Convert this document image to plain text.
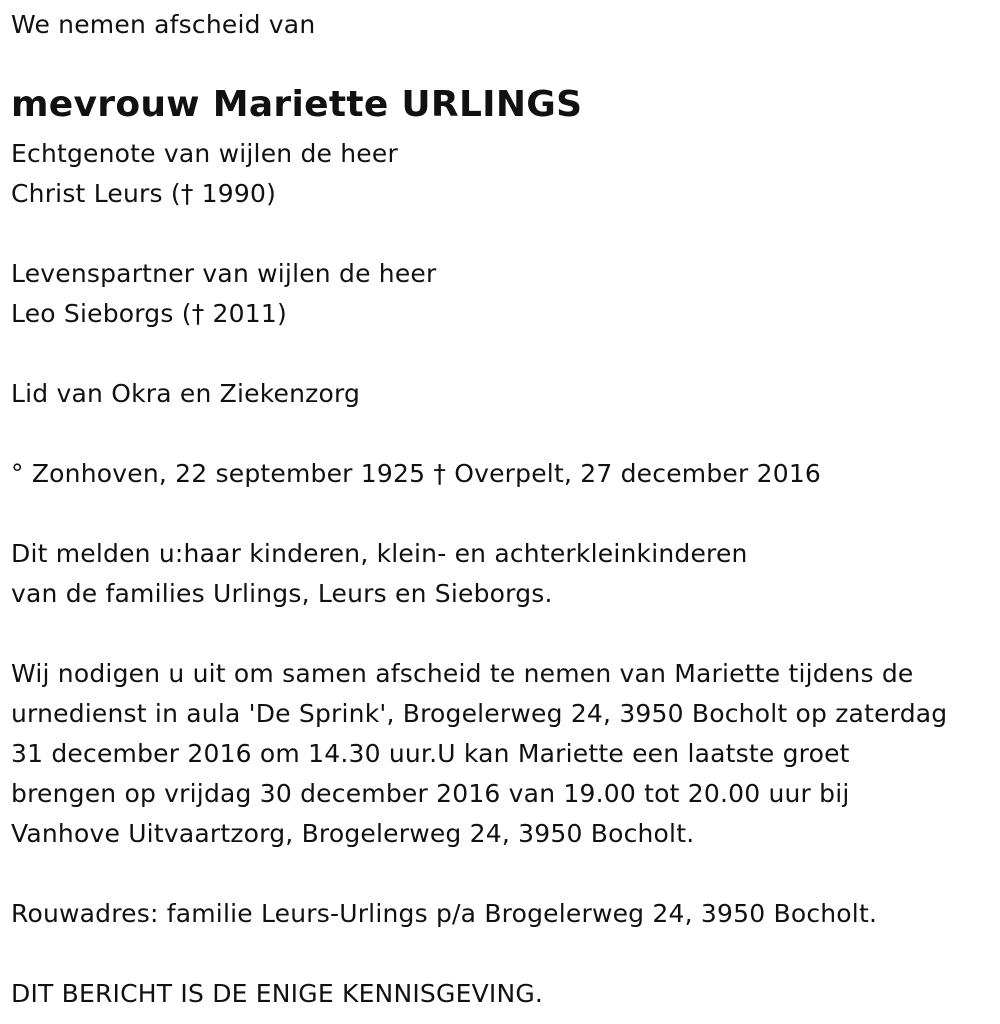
We nemen afscheid van
mevrouw Mariette URLINGS
Echtgenote van wijlen de heer
Christ Leurs († 1990)
Levenspartner van wijlen de heer
Leo Sieborgs († 2011)
Lid van Okra en Ziekenzorg
° Zonhoven, 22 september 1925 † Overpelt, 27 december 2016
Dit melden u:haar kinderen, klein- en achterkleinkinderen
van de families Urlings, Leurs en Sieborgs.
Wij nodigen u uit om samen afscheid te nemen van Mariette tijdens de
urnedienst in aula 'De Sprink', Brogelerweg 24, 3950 Bocholt op zaterdag
31 december 2016 om 14.30 uur.U kan Mariette een laatste groet
brengen op vrijdag 30 december 2016 van 19.00 tot 20.00 uur bij
Vanhove Uitvaartzorg, Brogelerweg 24, 3950 Bocholt.
Rouwadres: familie Leurs-Urlings p/a Brogelerweg 24, 3950 Bocholt.
DIT BERICHT IS DE ENIGE KENNISGEVING.
